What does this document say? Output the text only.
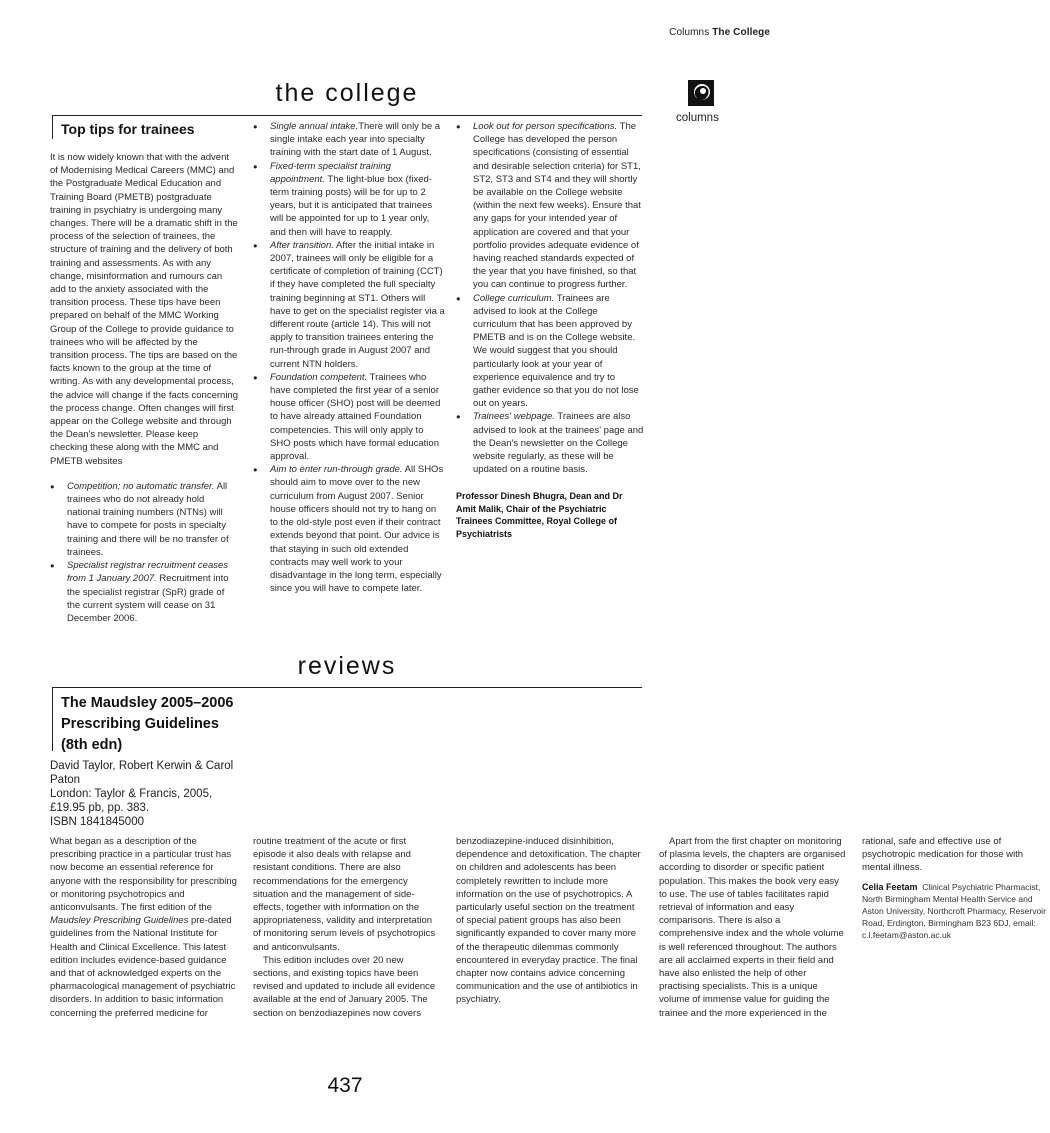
Columns The College
columns
the college
Top tips for trainees

It is now widely known that with the advent of Modernising Medical Careers (MMC) and the Postgraduate Medical Education and Training Board (PMETB) postgraduate training in psychiatry is undergoing many changes. There will be a dramatic shift in the process of the selection of trainees, the structure of training and the delivery of both training and assessments. As with any change, misinformation and rumours can add to the anxiety associated with the transition process. These tips have been prepared on behalf of the MMC Working Group of the College to provide guidance to trainees who will be affected by the transition process. The tips are based on the facts known to the group at the time of writing. As with any developmental process, the advice will change if the facts concerning the process change. Often changes will first appear on the College website and through the Dean's newsletter. Please keep checking these along with the MMC and PMETB websites

● Competition; no automatic transfer. All trainees who do not already hold national training numbers (NTNs) will have to compete for posts in specialty training and there will be no transfer of trainees.
● Specialist registrar recruitment ceases from 1 January 2007. Recruitment into the specialist registrar (SpR) grade of the current system will cease on 31 December 2006.
● Single annual intake.There will only be a single intake each year into specialty training with the start date of 1 August.
● Fixed-term specialist training appointment. The light-blue box (fixed-term training posts) will be for up to 2 years, but it is anticipated that trainees will be appointed for up to 1 year only, and then will have to reapply.
● After transition. After the initial intake in 2007, trainees will only be eligible for a certificate of completion of training (CCT) if they have completed the full specialty training beginning at ST1. Others will have to get on the specialist register via a different route (article 14). This will not apply to transition trainees entering the run-through grade in August 2007 and current NTN holders.
● Foundation competent. Trainees who have completed the first year of a senior house officer (SHO) post will be deemed to have already attained Foundation competencies. This will only apply to SHO posts which have formal education approval.
● Aim to enter run-through grade. All SHOs should aim to move over to the new curriculum from August 2007. Senior house officers should not try to hang on to the old-style post even if their contract extends beyond that point. Our advice is that staying in such old extended contracts may well work to your disadvantage in the long term, especially since you will have to compete later.
● Look out for person specifications. The College has developed the person specifications (consisting of essential and desirable selection criteria) for ST1, ST2, ST3 and ST4 and they will shortly be available on the College website (within the next few weeks). Ensure that any gaps for your intended year of application are covered and that your portfolio provides adequate evidence of having reached standards expected of the year that you have finished, so that you can continue to progress further.
● College curriculum. Trainees are advised to look at the College curriculum that has been approved by PMETB and is on the College website. We would suggest that you should particularly look at your year of experience equivalence and try to gather evidence so that you do not lose out on years.
● Trainees' webpage. Trainees are also advised to look at the trainees' page and the Dean's newsletter on the College website regularly, as these will be updated on a routine basis.

Professor Dinesh Bhugra, Dean and Dr Amit Malik, Chair of the Psychiatric Trainees Committee, Royal College of Psychiatrists

reviews
The Maudsley 2005–2006 Prescribing Guidelines (8th edn)
David Taylor, Robert Kerwin & Carol Paton
London: Taylor & Francis, 2005, £19.95 pb, pp. 383.
ISBN 1841845000

What began as a description of the prescribing practice in a particular trust has now become an essential reference for anyone with the responsibility for prescribing or monitoring psychotropics and anticonvulsants. The first edition of the Maudsley Prescribing Guidelines pre-dated guidelines from the National Institute for Health and Clinical Excellence. This latest edition includes evidence-based guidance and that of acknowledged experts on the pharmacological management of psychiatric disorders. In addition to basic information concerning the preferred medicine for routine treatment of the acute or first episode it also deals with relapse and resistant conditions. There are also recommendations for the emergency situation and the management of side-effects, together with information on the appropriateness, validity and interpretation of monitoring serum levels of psychotropics and anticonvulsants.

This edition includes over 20 new sections, and existing topics have been revised and updated to include all evidence available at the end of January 2005. The section on benzodiazepines now covers benzodiazepine-induced disinhibition, dependence and detoxification. The chapter on children and adolescents has been completely rewritten to include more information on the use of psychotropics. A particularly useful section on the treatment of special patient groups has also been significantly expanded to cover many more of the therapeutic dilemmas commonly encountered in everyday practice. The final chapter now contains advice concerning communication and the use of antibiotics in psychiatry.

Apart from the first chapter on monitoring of plasma levels, the chapters are organised according to disorder or specific patient population. This makes the book very easy to use. The use of tables facilitates rapid retrieval of information and easy comparisons. There is also a comprehensive index and the whole volume is well referenced throughout. The authors are all acclaimed experts in their field and have also enlisted the help of other practising specialists. This is a unique volume of immense value for guiding the trainee and the more experienced in the rational, safe and effective use of psychotropic medication for those with mental illness.

Celia Feetam Clinical Psychiatric Pharmacist, North Birmingham Mental Health Service and Aston University, Northcroft Pharmacy, Reservoir Road, Erdington, Birmingham B23 6DJ, email: c.l.feetam@aston.ac.uk

437
